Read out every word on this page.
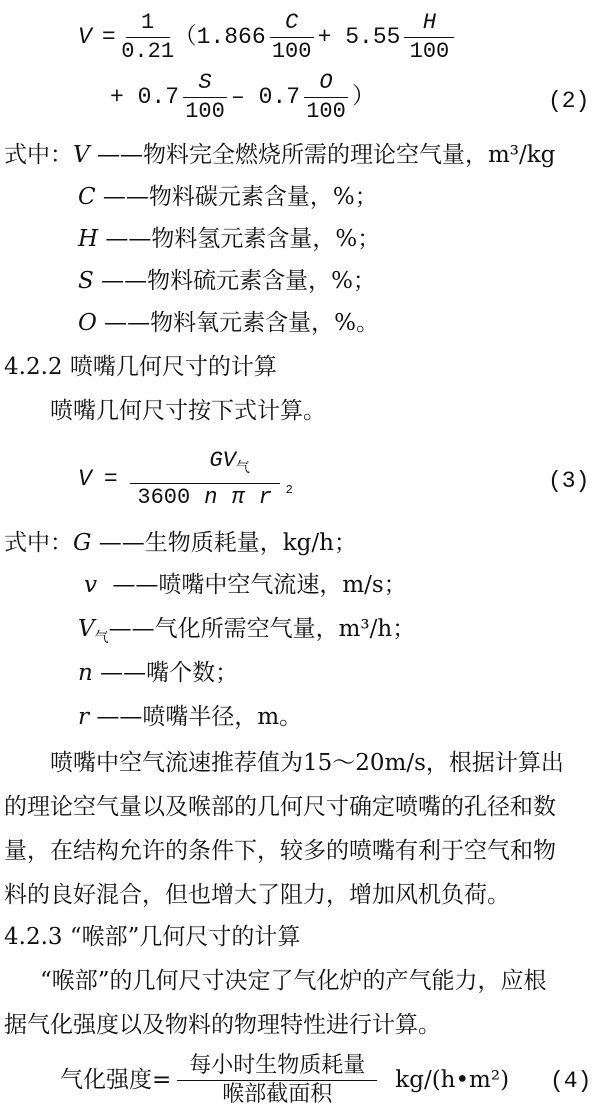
$V = \frac{1}{0.21} (1.866 \frac{C}{100} + 5.55 \frac{H}{100}$
+ $0.7 \frac{S}{100} - 0.7 \frac{O}{100}$ ）	(2)
式中：V ——物料完全燃烧所需的理论空气量，m³/kg
C ——物料碳元素含量，%；
H ——物料氢元素含量，%；
S ——物料硫元素含量，%；
O ——物料氧元素含量，%。
4.2.2 喷嘴几何尺寸的计算
喷嘴几何尺寸按下式计算。
$V = \frac{GV_气}{\text{3600 n π r}} 2$	(3)
式中：G ——生物质耗量，kg/h；
v ——喷嘴中空气流速，m/s；
$V_气——$气化所需空气量，m³/h；
n ——嘴个数；
r ——喷嘴半径，m。
喷嘴中空气流速推荐值为15～20m/s，根据计算出
的理论空气量以及喉部的几何尺寸确定喷嘴的孔径和数
量，在结构允许的条件下，较多的喷嘴有利于空气和物
料的良好混合，但也增大了阻力，增加风机负荷。
4.2.3 “喉部”几何尺寸的计算
“喉部”的几何尺寸决定了气化炉的产气能力，应根
据气化强度以及物料的物理特性进行计算。
气化强度= $\frac{\text{每小时生物质耗量}}{\text{喉部截面积}}$ kg/(h•m²) (4)
